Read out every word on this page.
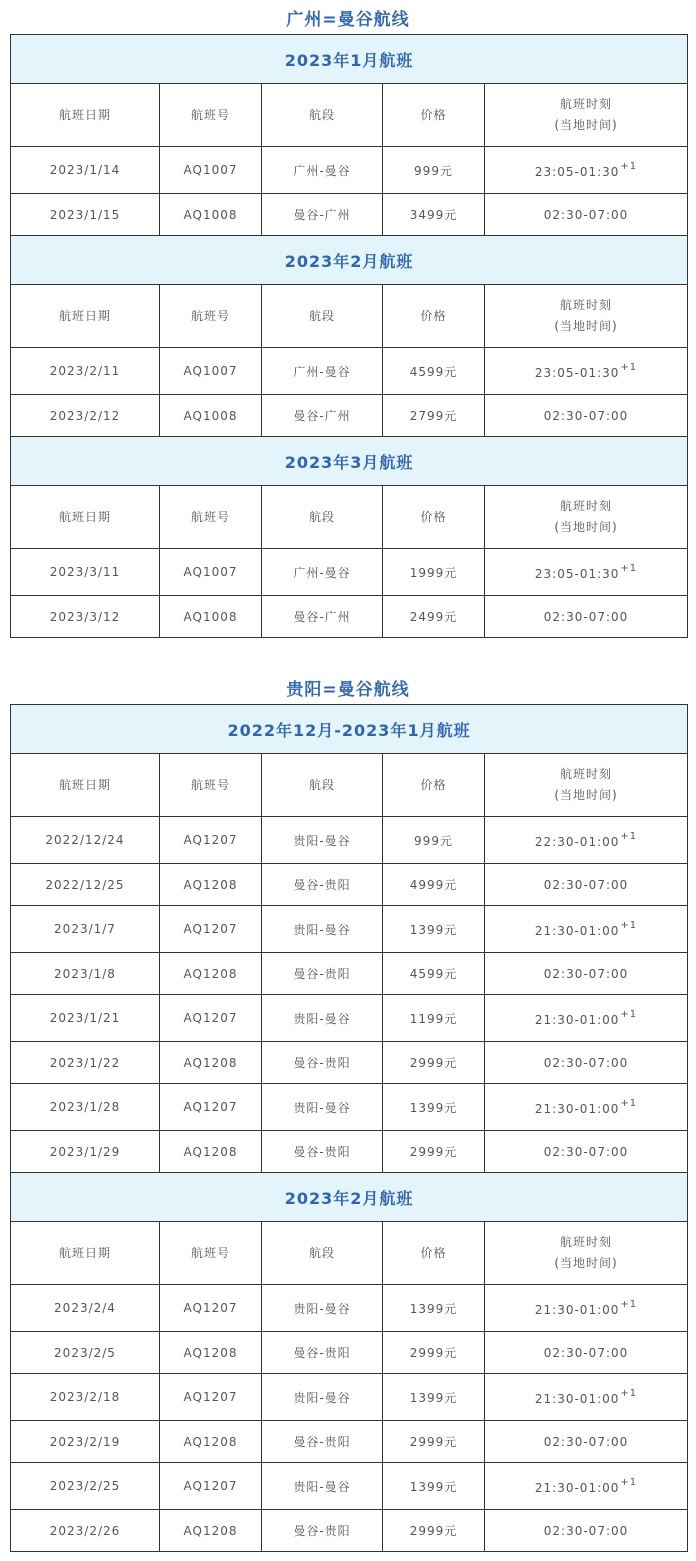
广州=曼谷航线
2023年1月航班				
航班日期	航班号	航段	价格	航班时刻
(当地时间)

2023/1/14	AQ1007	广州-曼谷	999元	$23:05-01:30^{+1}$
2023/1/15	AQ1008	曼谷-广州	3499元	02:30-07:00
2023年2月航班				
航班日期	航班号	航段	价格	航班时刻
(当地时间)

2023/2/11	AQ1007	广州-曼谷	4599元	$23:05-01:30^{+1}$
2023/2/12	AQ1008	曼谷-广州	2799元	02:30-07:00
2023年3月航班				
航班日期	航班号	航段	价格	航班时刻
(当地时间)

2023/3/11	AQ1007	广州-曼谷	1999元	$23:05-01:30^{+1}$
2023/3/12	AQ1008	曼谷-广州	2499元	02:30-07:00
贵阳=曼谷航线
2022年12月-2023年1月航班				
航班日期	航班号	航段	价格	航班时刻
(当地时间)

2022/12/24	AQ1207	贵阳-曼谷	999元	$22:30-01:00^{+1}$
2022/12/25	AQ1208	曼谷-贵阳	4999元	02:30-07:00
2023/1/7	AQ1207	贵阳-曼谷	1399元	$21:30-01:00^{+1}$
2023/1/8	AQ1208	曼谷-贵阳	4599元	02:30-07:00
2023/1/21	AQ1207	贵阳-曼谷	1199元	$21:30-01:00^{+1}$
2023/1/22	AQ1208	曼谷-贵阳	2999元	02:30-07:00
2023/1/28	AQ1207	贵阳-曼谷	1399元	$21:30-01:00^{+1}$
2023/1/29	AQ1208	曼谷-贵阳	2999元	02:30-07:00
2023年2月航班				
航班日期	航班号	航段	价格	航班时刻
(当地时间)

2023/2/4	AQ1207	贵阳-曼谷	1399元	$21:30-01:00^{+1}$
2023/2/5	AQ1208	曼谷-贵阳	2999元	02:30-07:00
2023/2/18	AQ1207	贵阳-曼谷	1399元	$21:30-01:00^{+1}$
2023/2/19	AQ1208	曼谷-贵阳	2999元	02:30-07:00
2023/2/25	AQ1207	贵阳-曼谷	1399元	$21:30-01:00^{+1}$
2023/2/26	AQ1208	曼谷-贵阳	2999元	02:30-07:00
